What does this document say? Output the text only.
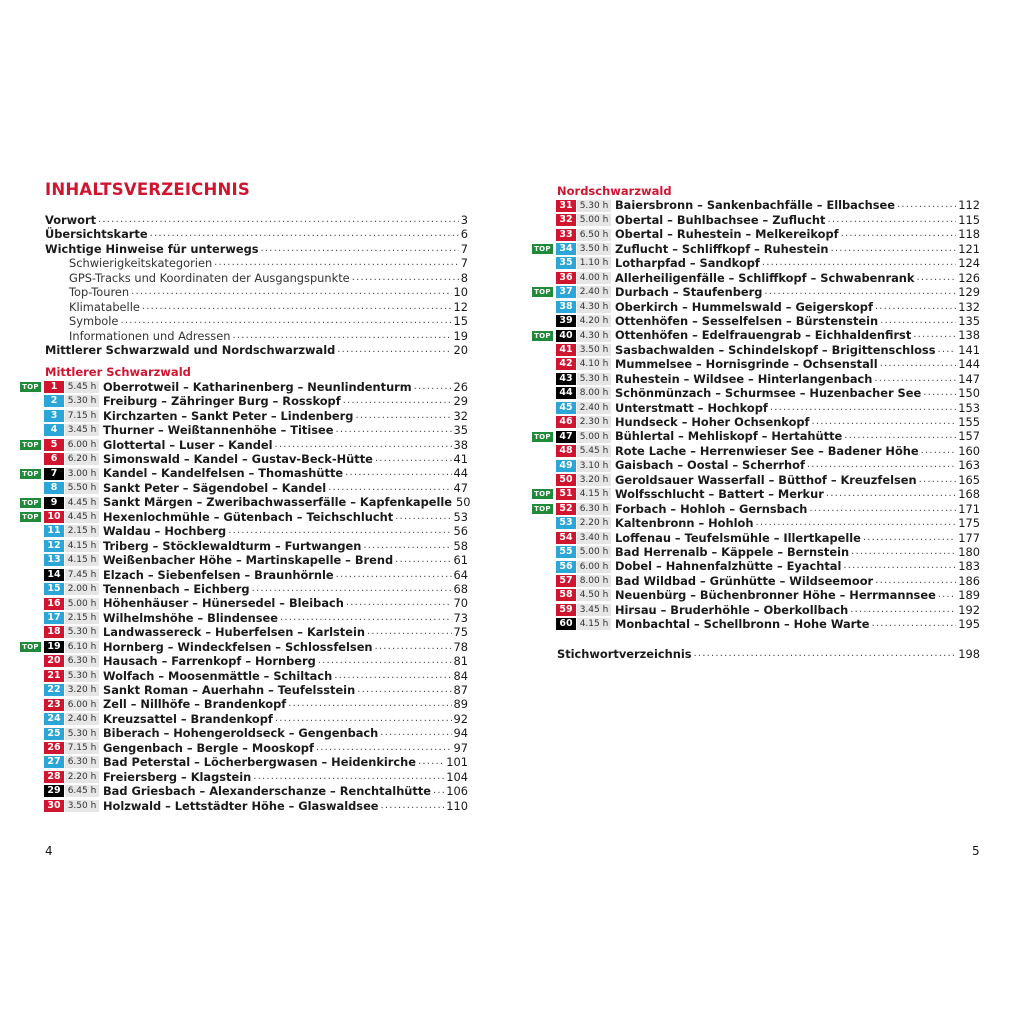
INHALTSVERZEICHNIS
Vorwort .....	3
Übersichtskarte .....	6
Wichtige Hinweise für unterwegs .....	7
Schwierigkeitskategorien .....	7
GPS-Tracks und Koordinaten der Ausgangspunkte .....	8
Top-Touren .....	10
Klimatabelle .....	12
Symbole .....	15
Informationen und Adressen .....	19
Mittlerer Schwarzwald und Nordschwarzwald .....	20
Mittlerer Schwarzwald
TOP	1	5.45 h Oberrotweil – Katharinenberg – Neunlindenturm .....	26
2	5.30 h Freiburg – Zähringer Burg – Rosskopf .....	29
3	7.15 h Kirchzarten – Sankt Peter – Lindenberg .....	32
4	3.45 h Thurner – Weißtannenhöhe – Titisee .....	35
TOP	5	6.00 h Glottertal – Luser – Kandel .....	38
6	6.20 h Simonswald – Kandel – Gustav-Beck-Hütte .....	41
TOP	7	3.00 h Kandel – Kandelfelsen – Thomashütte .....	44
8	5.50 h Sankt Peter – Sägendobel – Kandel .....	47
TOP	9	4.45 h Sankt Märgen – Zweribachwasserfälle – Kapfenkapelle 50
TOP 10 4.45 h Hexenlochmühle – Gütenbach – Teichschlucht .....	53
11 2.15 h Waldau – Hochberg .....	56
12 4.15 h Triberg – Stöcklewaldturm – Furtwangen .....	58
13 4.15 h Weißenbacher Höhe – Martinskapelle – Brend .....	61
14 7.45 h Elzach – Siebenfelsen – Braunhörnle .....	64
15 2.00 h Tennenbach – Eichberg .....	68
16 5.00 h Höhenhäuser – Hünersedel – Bleibach .....	70
17 2.15 h Wilhelmshöhe – Blindensee .....	73
18 5.30 h Landwassereck – Huberfelsen – Karlstein .....	75
TOP 19 6.10 h Hornberg – Windeckfelsen – Schlossfelsen .....	78
20 6.30 h Hausach – Farrenkopf – Hornberg .....	81
21 5.30 h Wolfach – Moosenmättle – Schiltach .....	84
22 3.20 h Sankt Roman – Auerhahn – Teufelsstein .....	87
23 6.00 h Zell – Nillhöfe – Brandenkopf .....	89
24 2.40 h Kreuzsattel – Brandenkopf .....	92
25 5.30 h Biberach – Hohengeroldseck – Gengenbach .....	94
26 7.15 h Gengenbach – Bergle – Mooskopf .....	97
27 6.30 h Bad Peterstal – Löcherbergwasen – Heidenkirche .....	101
28 2.20 h Freiersberg – Klagstein .....	104
29 6.45 h Bad Griesbach – Alexanderschanze – Renchtalhütte ..... 106
30 3.50 h Holzwald – Lettstädter Höhe – Glaswaldsee .....	110
Nordschwarzwald
31 5.30 h Baiersbronn – Sankenbachfälle – Ellbachsee .....	112
32 5.00 h Obertal – Buhlbachsee – Zuflucht .....	115
33 6.50 h Obertal – Ruhestein – Melkereikopf .....	118
TOP 34 3.50 h Zuflucht – Schliffkopf – Ruhestein .....	121
35 1.10 h Lotharpfad – Sandkopf .....	124
36 4.00 h Allerheiligenfälle – Schliffkopf – Schwabenrank .....	126
TOP 37 2.40 h Durbach – Staufenberg .....	129
38 4.30 h Oberkirch – Hummelswald – Geigerskopf .....	132
39 4.20 h Ottenhöfen – Sesselfelsen – Bürstenstein .....	135
TOP 40 4.30 h Ottenhöfen – Edelfrauengrab – Eichhaldenfirst .....	138
41 3.50 h Sasbachwalden – Schindelskopf – Brigittenschloss ..... 141
42 4.10 h Mummelsee – Hornisgrinde – Ochsenstall .....	144
43 5.30 h Ruhestein – Wildsee – Hinterlangenbach .....	147
44 8.00 h Schönmünzach – Schurmsee – Huzenbacher See .....	150
45 2.40 h Unterstmatt – Hochkopf .....	153
46 2.30 h Hundseck – Hoher Ochsenkopf .....	155
TOP 47 5.00 h Bühlertal – Mehliskopf – Hertahütte .....	157
48 5.45 h Rote Lache – Herrenwieser See – Badener Höhe .....	160
49 3.10 h Gaisbach – Oostal – Scherrhof .....	163
50 3.20 h Geroldsauer Wasserfall – Bütthof – Kreuzfelsen .....	165
TOP 51 4.15 h Wolfsschlucht – Battert – Merkur .....	168
TOP 52 6.30 h Forbach – Hohloh – Gernsbach .....	171
53 2.20 h Kaltenbronn – Hohloh .....	175
54 3.40 h Loffenau – Teufelsmühle – Illertkapelle .....	177
55 5.00 h Bad Herrenalb – Käppele – Bernstein .....	180
56 6.00 h Dobel – Hahnenfalzhütte – Eyachtal .....	183
57 8.00 h Bad Wildbad – Grünhütte – Wildseemoor .....	186
58 4.50 h Neuenbürg – Büchenbronner Höhe – Herrmannsee ..... 189
59 3.45 h Hirsau – Bruderhöhle – Oberkollbach .....	192
60 4.15 h Monbachtal – Schellbronn – Hohe Warte .....	195
Stichwortverzeichnis .....	198
4	5
